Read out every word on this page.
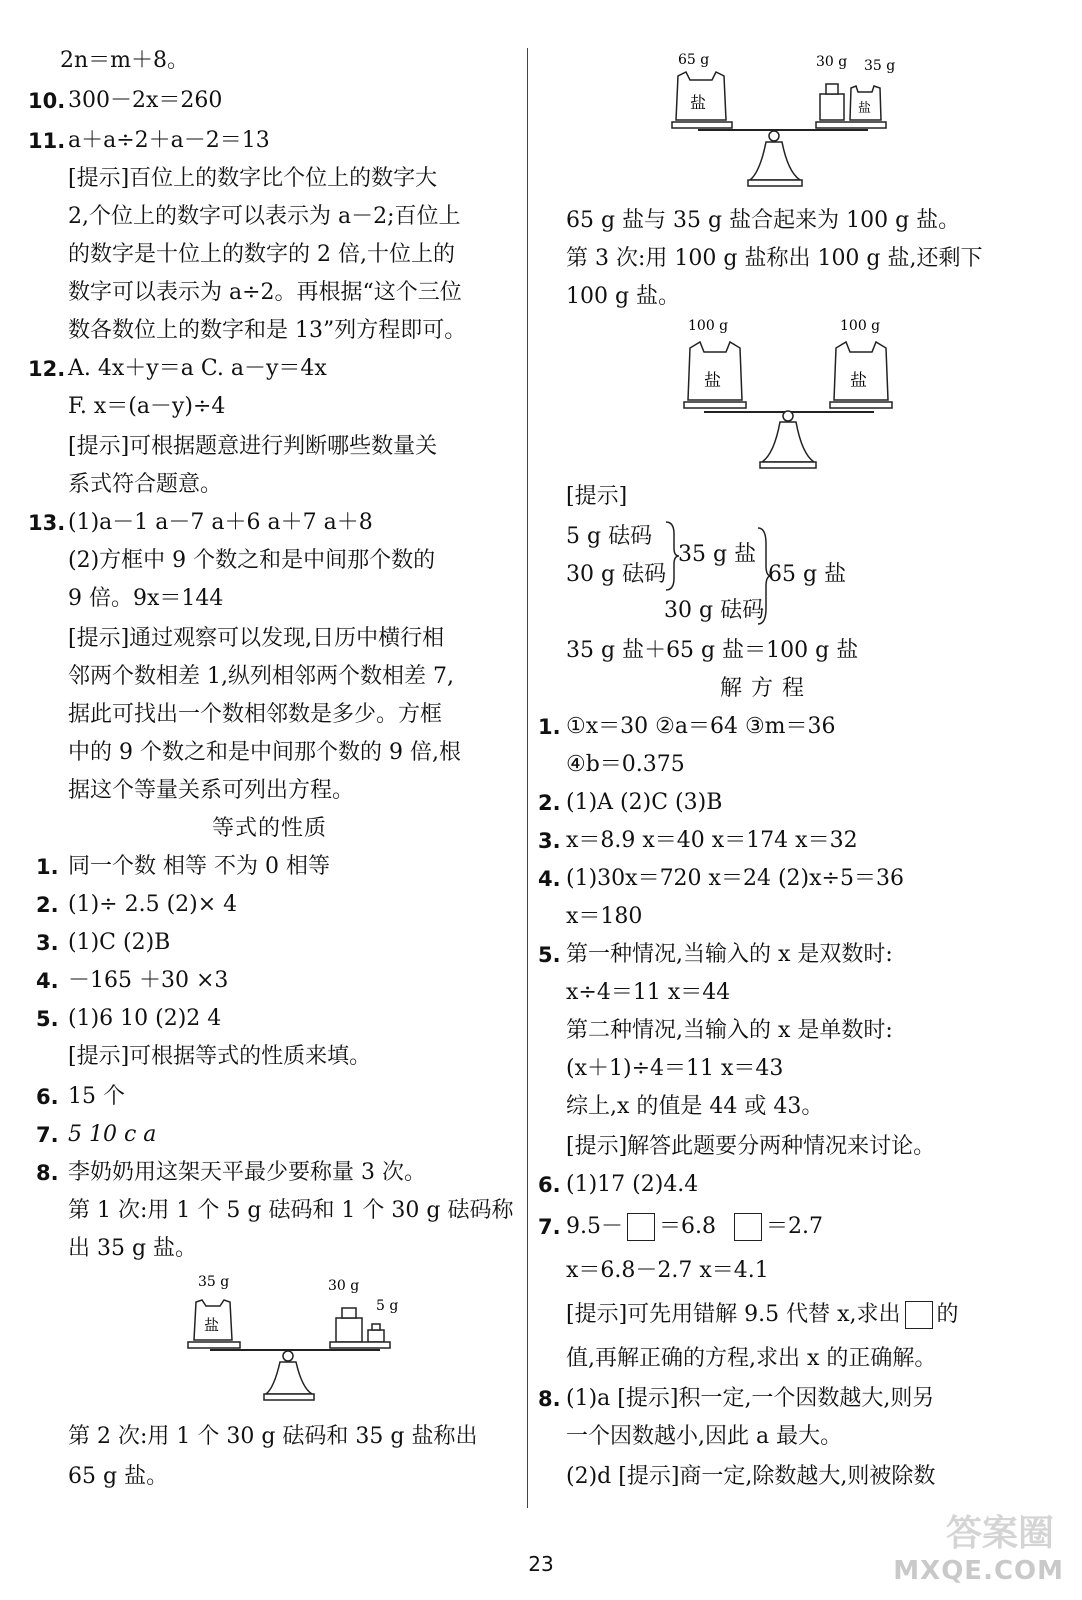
2n＝m＋8。
10. 300－2x＝260
11. a＋a÷2＋a－2＝13
[提示]百位上的数字比个位上的数字大
2,个位上的数字可以表示为 a－2;百位上
的数字是十位上的数字的 2 倍,十位上的
数字可以表示为 a÷2。再根据“这个三位
数各数位上的数字和是 13”列方程即可。
12. A. 4x＋y＝a C. a－y＝4x
F. x＝(a－y)÷4
[提示]可根据题意进行判断哪些数量关
系式符合题意。
13. (1)a－1 a－7 a＋6 a＋7 a＋8
(2)方框中 9 个数之和是中间那个数的
9 倍。9x＝144
[提示]通过观察可以发现,日历中横行相
邻两个数相差 1,纵列相邻两个数相差 7,
据此可找出一个数相邻数是多少。方框
中的 9 个数之和是中间那个数的 9 倍,根
据这个等量关系可列出方程。
等式的性质
1. 同一个数 相等 不为 0 相等
2. (1)÷ 2.5 (2)× 4
3. (1)C (2)B
4. －165 ＋30 ×3
5. (1)6 10 (2)2 4
[提示]可根据等式的性质来填。
6. 15 个
7. 5 10 c a
8. 李奶奶用这架天平最少要称量 3 次。
第 1 次:用 1 个 5 g 砝码和 1 个 30 g 砝码称
出 35 g 盐。
35 g	30 g
5 g
盐
第 2 次:用 1 个 30 g 砝码和 35 g 盐称出
65 g 盐。
65 g	30 g 35 g
盐	盐
65 g 盐与 35 g 盐合起来为 100 g 盐。
第 3 次:用 100 g 盐称出 100 g 盐,还剩下
100 g 盐。
100 g	100 g
盐	盐
[提示]
5 g 砝码
30 g 砝码
35 g 盐
30 g 砝码
65 g 盐
35 g 盐＋65 g 盐＝100 g 盐
解 方 程
1. ①x＝30 ②a＝64 ③m＝36
④b＝0.375
2. (1)A (2)C (3)B
3. x＝8.9 x＝40 x＝174 x＝32
4. (1)30x＝720 x＝24 (2)x÷5＝36
x＝180
5. 第一种情况,当输入的 x 是双数时:
x÷4＝11 x＝44
第二种情况,当输入的 x 是单数时:
(x＋1)÷4＝11 x＝43
综上,x 的值是 44 或 43。
[提示]解答此题要分两种情况来讨论。
6. (1)17 (2)4.4
7. 9.5－ ＝6.8 ＝2.7
x＝6.8－2.7 x＝4.1
[提示]可先用错解 9.5 代替 x,求出 的
值,再解正确的方程,求出 x 的正确解。
8. (1)a [提示]积一定,一个因数越大,则另
一个因数越小,因此 a 最大。
(2)d [提示]商一定,除数越大,则被除数
23
答案圈
MXQE.COM
